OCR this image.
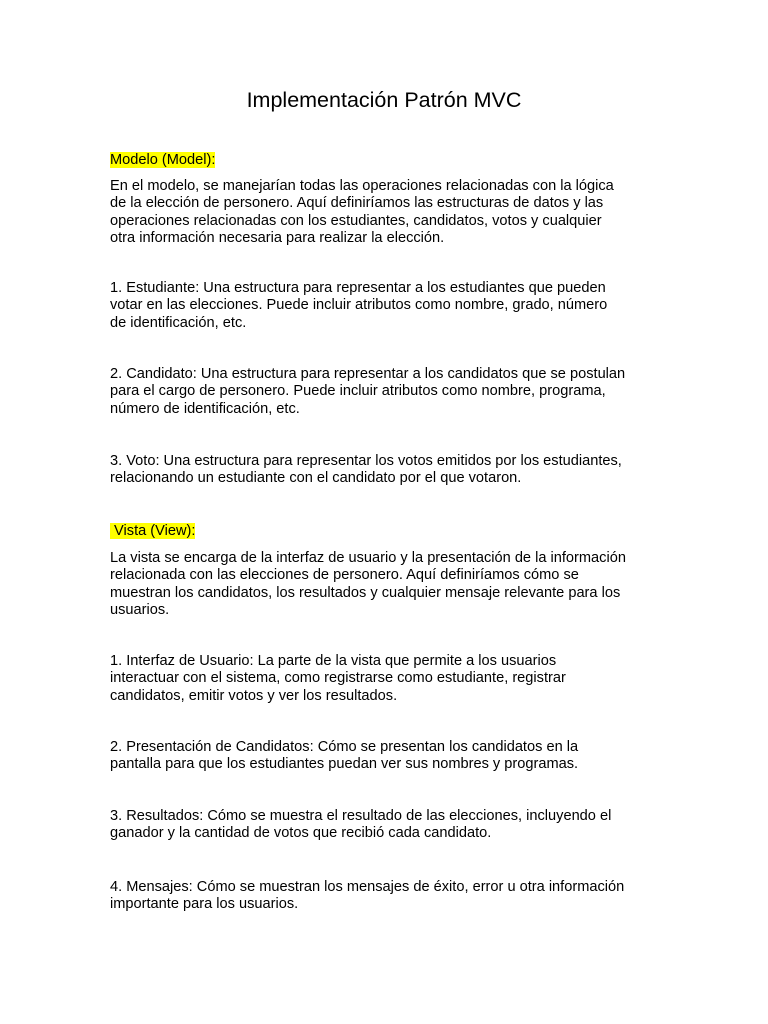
Implementación Patrón MVC

Modelo (Model):

En el modelo, se manejarían todas las operaciones relacionadas con la lógica
de la elección de personero. Aquí definiríamos las estructuras de datos y las
operaciones relacionadas con los estudiantes, candidatos, votos y cualquier
otra información necesaria para realizar la elección.

1. Estudiante: Una estructura para representar a los estudiantes que pueden
votar en las elecciones. Puede incluir atributos como nombre, grado, número
de identificación, etc.

2. Candidato: Una estructura para representar a los candidatos que se postulan
para el cargo de personero. Puede incluir atributos como nombre, programa,
número de identificación, etc.

3. Voto: Una estructura para representar los votos emitidos por los estudiantes,
relacionando un estudiante con el candidato por el que votaron.

Vista (View):

La vista se encarga de la interfaz de usuario y la presentación de la información
relacionada con las elecciones de personero. Aquí definiríamos cómo se
muestran los candidatos, los resultados y cualquier mensaje relevante para los
usuarios.

1. Interfaz de Usuario: La parte de la vista que permite a los usuarios
interactuar con el sistema, como registrarse como estudiante, registrar
candidatos, emitir votos y ver los resultados.

2. Presentación de Candidatos: Cómo se presentan los candidatos en la
pantalla para que los estudiantes puedan ver sus nombres y programas.

3. Resultados: Cómo se muestra el resultado de las elecciones, incluyendo el
ganador y la cantidad de votos que recibió cada candidato.

4. Mensajes: Cómo se muestran los mensajes de éxito, error u otra información
importante para los usuarios.
